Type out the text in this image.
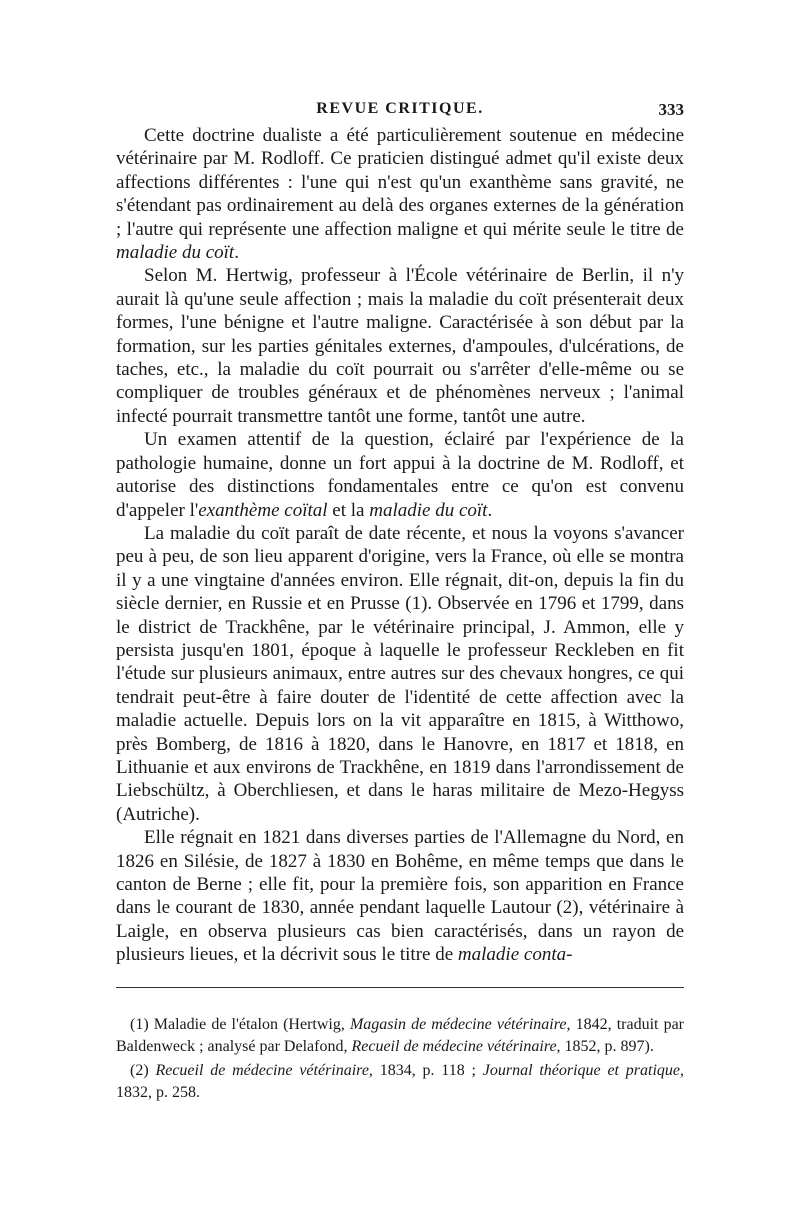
REVUE CRITIQUE.	333

Cette doctrine dualiste a été particulièrement soutenue en médecine vétérinaire par M. Rodloff. Ce praticien distingué admet qu'il existe deux affections différentes : l'une qui n'est qu'un exanthème sans gravité, ne s'étendant pas ordinairement au delà des organes externes de la génération ; l'autre qui représente une affection maligne et qui mérite seule le titre de maladie du coït.

Selon M. Hertwig, professeur à l'École vétérinaire de Berlin, il n'y aurait là qu'une seule affection ; mais la maladie du coït présenterait deux formes, l'une bénigne et l'autre maligne. Caractérisée à son début par la formation, sur les parties génitales externes, d'ampoules, d'ulcérations, de taches, etc., la maladie du coït pourrait ou s'arrêter d'elle-même ou se compliquer de troubles généraux et de phénomènes nerveux ; l'animal infecté pourrait transmettre tantôt une forme, tantôt une autre.

Un examen attentif de la question, éclairé par l'expérience de la pathologie humaine, donne un fort appui à la doctrine de M. Rodloff, et autorise des distinctions fondamentales entre ce qu'on est convenu d'appeler l'exanthème coïtal et la maladie du coït.

La maladie du coït paraît de date récente, et nous la voyons s'avancer peu à peu, de son lieu apparent d'origine, vers la France, où elle se montra il y a une vingtaine d'années environ. Elle régnait, dit-on, depuis la fin du siècle dernier, en Russie et en Prusse (1). Observée en 1796 et 1799, dans le district de Trackhêne, par le vétérinaire principal, J. Ammon, elle y persista jusqu'en 1801, époque à laquelle le professeur Reckleben en fit l'étude sur plusieurs animaux, entre autres sur des chevaux hongres, ce qui tendrait peut-être à faire douter de l'identité de cette affection avec la maladie actuelle. Depuis lors on la vit apparaître en 1815, à Witthowo, près Bomberg, de 1816 à 1820, dans le Hanovre, en 1817 et 1818, en Lithuanie et aux environs de Trackhêne, en 1819 dans l'arrondissement de Liebschültz, à Oberchliesen, et dans le haras militaire de Mezo-Hegyss (Autriche).

Elle régnait en 1821 dans diverses parties de l'Allemagne du Nord, en 1826 en Silésie, de 1827 à 1830 en Bohême, en même temps que dans le canton de Berne ; elle fit, pour la première fois, son apparition en France dans le courant de 1830, année pendant laquelle Lautour (2), vétérinaire à Laigle, en observa plusieurs cas bien caractérisés, dans un rayon de plusieurs lieues, et la décrivit sous le titre de maladie conta-

(1) Maladie de l'étalon (Hertwig, Magasin de médecine vétérinaire, 1842, traduit par Baldenweck ; analysé par Delafond, Recueil de médecine vétérinaire, 1852, p. 897).

(2) Recueil de médecine vétérinaire, 1834, p. 118 ; Journal théorique et pratique, 1832, p. 258.
